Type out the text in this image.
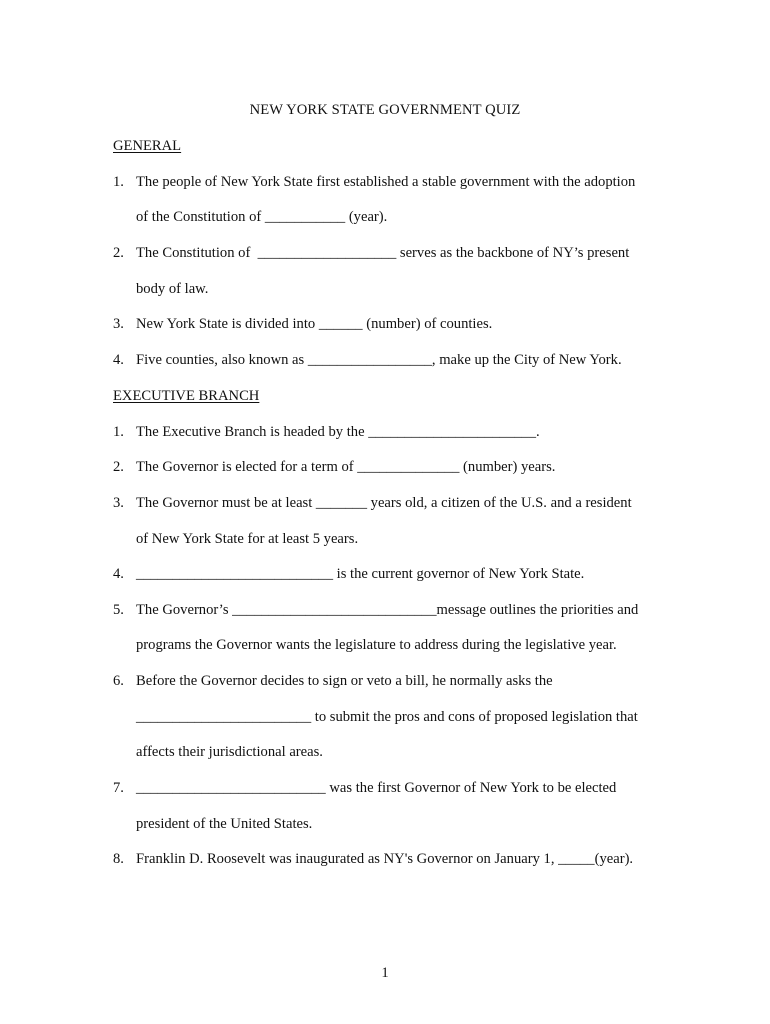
NEW YORK STATE GOVERNMENT QUIZ
GENERAL
1. The people of New York State first established a stable government with the adoption
of the Constitution of ___________ (year).
2. The Constitution of  ___________________ serves as the backbone of NY’s present
body of law.
3. New York State is divided into ______ (number) of counties.
4. Five counties, also known as _________________, make up the City of New York.
EXECUTIVE BRANCH
1. The Executive Branch is headed by the _______________________.
2. The Governor is elected for a term of ______________ (number) years.
3. The Governor must be at least _______ years old, a citizen of the U.S. and a resident
of New York State for at least 5 years.
4. ___________________________ is the current governor of New York State.
5. The Governor’s ____________________________message outlines the priorities and
programs the Governor wants the legislature to address during the legislative year.
6. Before the Governor decides to sign or veto a bill, he normally asks the
________________________ to submit the pros and cons of proposed legislation that
affects their jurisdictional areas.
7. __________________________ was the first Governor of New York to be elected
president of the United States.
8. Franklin D. Roosevelt was inaugurated as NY's Governor on January 1, _____(year).
1
